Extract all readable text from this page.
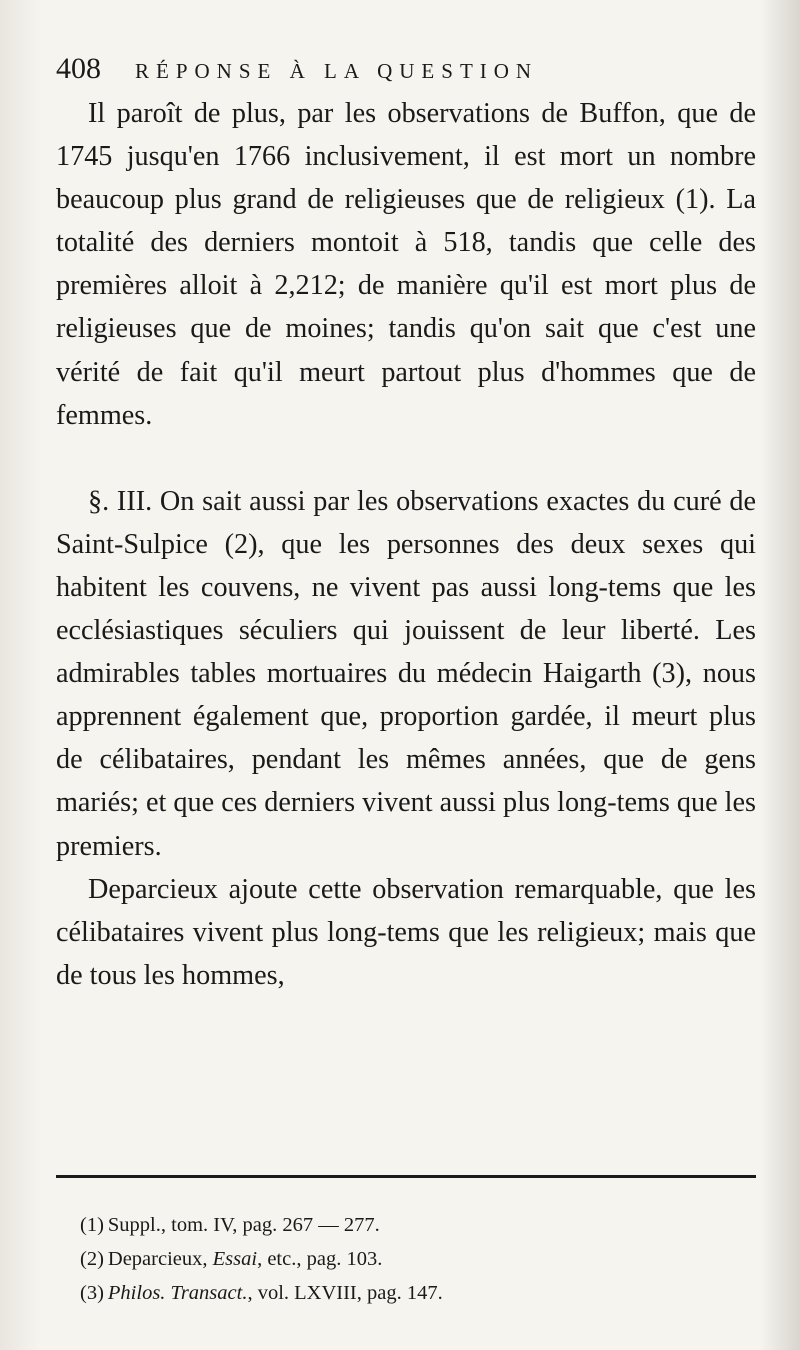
408 RÉPONSE À LA QUESTION

Il paroît de plus, par les observations de Buffon, que de 1745 jusqu'en 1766 inclusivement, il est mort un nombre beaucoup plus grand de religieuses que de religieux (1). La totalité des derniers montoit à 518, tandis que celle des premières alloit à 2,212; de manière qu'il est mort plus de religieuses que de moines; tandis qu'on sait que c'est une vérité de fait qu'il meurt partout plus d'hommes que de femmes.

§. III. On sait aussi par les observations exactes du curé de Saint-Sulpice (2), que les personnes des deux sexes qui habitent les couvens, ne vivent pas aussi long-tems que les ecclésiastiques séculiers qui jouissent de leur liberté. Les admirables tables mortuaires du médecin Haigarth (3), nous apprennent également que, proportion gardée, il meurt plus de célibataires, pendant les mêmes années, que de gens mariés; et que ces derniers vivent aussi plus long-tems que les premiers.

Deparcieux ajoute cette observation remarquable, que les célibataires vivent plus long-tems que les religieux; mais que de tous les hommes,

(1) Suppl., tom. IV, pag. 267 — 277.
(2) Deparcieux, Essai, etc., pag. 103.
(3) Philos. Transact., vol. LXVIII, pag. 147.
